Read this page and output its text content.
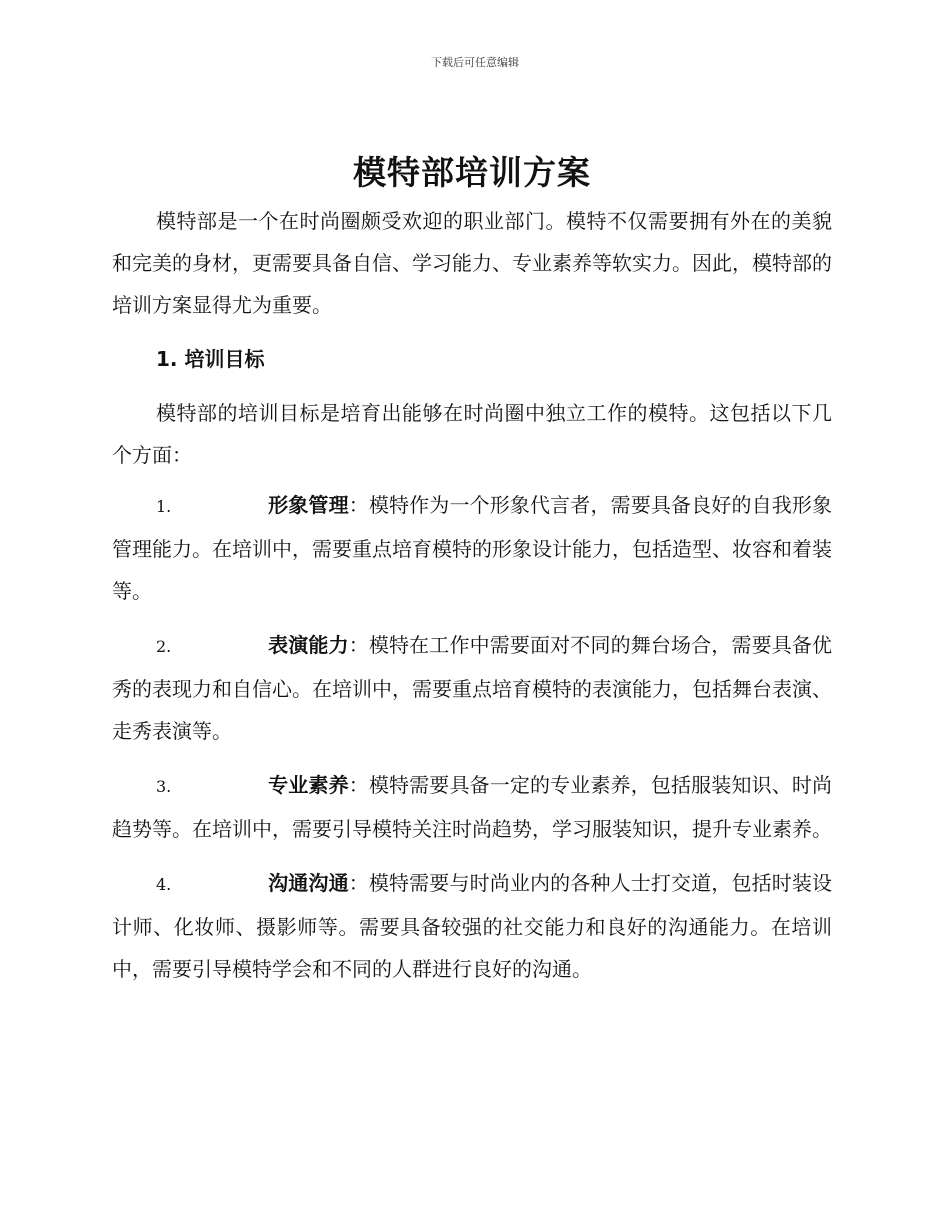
下载后可任意编辑
模特部培训方案

模特部是一个在时尚圈颇受欢迎的职业部门。模特不仅需要拥有外在的美貌和完美的身材，更需要具备自信、学习能力、专业素养等软实力。因此，模特部的培训方案显得尤为重要。

1. 培训目标

模特部的培训目标是培育出能够在时尚圈中独立工作的模特。这包括以下几个方面：

1.	形象管理：模特作为一个形象代言者，需要具备良好的自我形象管理能力。在培训中，需要重点培育模特的形象设计能力，包括造型、妆容和着装等。

2.	表演能力：模特在工作中需要面对不同的舞台场合，需要具备优秀的表现力和自信心。在培训中，需要重点培育模特的表演能力，包括舞台表演、走秀表演等。

3.	专业素养：模特需要具备一定的专业素养，包括服装知识、时尚趋势等。在培训中，需要引导模特关注时尚趋势，学习服装知识，提升专业素养。

4.	沟通沟通：模特需要与时尚业内的各种人士打交道，包括时装设计师、化妆师、摄影师等。需要具备较强的社交能力和良好的沟通能力。在培训中，需要引导模特学会和不同的人群进行良好的沟通。
